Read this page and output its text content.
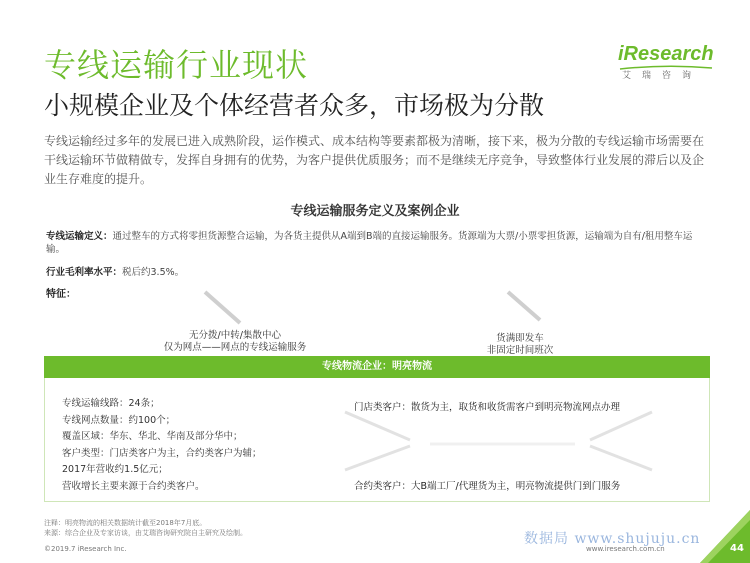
专线运输行业现状
小规模企业及个体经营者众多，市场极为分散
iResearch
艾瑞咨询
专线运输经过多年的发展已进入成熟阶段，运作模式、成本结构等要素都极为清晰，接下来，极为分散的专线运输市场需要在干线运输环节做精做专，发挥自身拥有的优势，为客户提供优质服务；而不是继续无序竞争，导致整体行业发展的滞后以及企业生存难度的提升。
专线运输服务定义及案例企业
专线运输定义：通过整车的方式将零担货源整合运输，为各货主提供从A端到B端的直接运输服务。货源端为大票/小票零担货源，运输端为自有/租用整车运输。
行业毛利率水平：税后约3.5%。
特征：
无分拨/中转/集散中心
仅为网点——网点的专线运输服务
货满即发车
非固定时间班次
专线物流企业：明亮物流
专线运输线路：24条；
专线网点数量：约100个；
覆盖区域：华东、华北、华南及部分华中；
客户类型：门店类客户为主，合约类客户为辅；
2017年营收约1.5亿元；
营收增长主要来源于合约类客户。
门店类客户：散货为主，取货和收货需客户到明亮物流网点办理
合约类客户：大B端工厂/代理货为主，明亮物流提供门到门服务
注释：明亮物流的相关数据统计截至2018年7月底。
来源：综合企业及专家访谈，由艾瑞咨询研究院自主研究及绘制。
©2019.7 iResearch Inc.
数据局 www.shujuju.cn
www.iresearch.com.cn	44
